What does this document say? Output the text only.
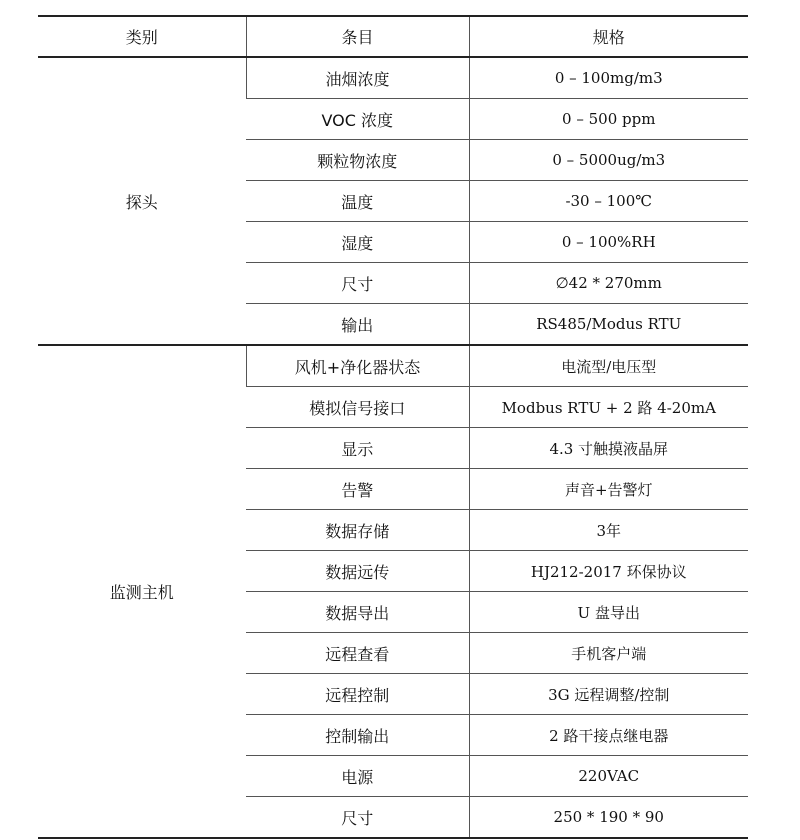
类别	条目	规格
探头	油烟浓度	0 – 100mg/m3
	VOC 浓度	0 – 500 ppm
	颗粒物浓度	0 – 5000ug/m3
	温度	-30 – 100℃
	湿度	0 – 100%RH
	尺寸	∅42 * 270mm
	输出	RS485/Modus RTU
监测主机	风机+净化器状态	电流型/电压型
	模拟信号接口	Modbus RTU + 2 路 4-20mA
	显示	4.3 寸触摸液晶屏
	告警	声音+告警灯
	数据存储	3年
	数据远传	HJ212-2017 环保协议
	数据导出	U 盘导出
	远程查看	手机客户端
	远程控制	3G 远程调整/控制
	控制输出	2 路干接点继电器
	电源	220VAC
	尺寸	250 * 190 * 90
